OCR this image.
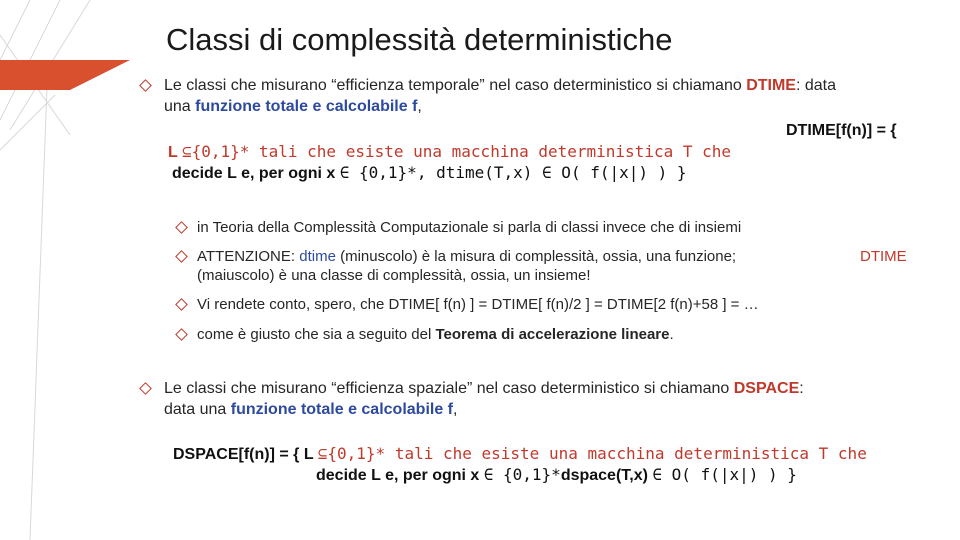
Classi di complessità deterministiche
Le classi che misurano “efficienza temporale” nel caso deterministico si chiamano DTIME: data
una funzione totale e calcolabile f,
DTIME[f(n)] = {
L ⊆{0,1}* tali che esiste una macchina deterministica T che
decide L e, per ogni x ∈ {0,1}*, dtime(T,x) ∈ O( f(|x|) ) }
in Teoria della Complessità Computazionale si parla di classi invece che di insiemi
ATTENZIONE: dtime (minuscolo) è la misura di complessità, ossia, una funzione;	DTIME
(maiuscolo) è una classe di complessità, ossia, un insieme!
Vi rendete conto, spero, che DTIME[ f(n) ] = DTIME[ f(n)/2 ] = DTIME[2 f(n)+58 ] = …
come è giusto che sia a seguito del Teorema di accelerazione lineare.
Le classi che misurano “efficienza spaziale” nel caso deterministico si chiamano DSPACE:
data una funzione totale e calcolabile f,
DSPACE[f(n)] = { L ⊆{0,1}* tali che esiste una macchina deterministica T che
decide L e, per ogni x ∈ {0,1}*dspace(T,x) ∈ O( f(|x|) ) }
